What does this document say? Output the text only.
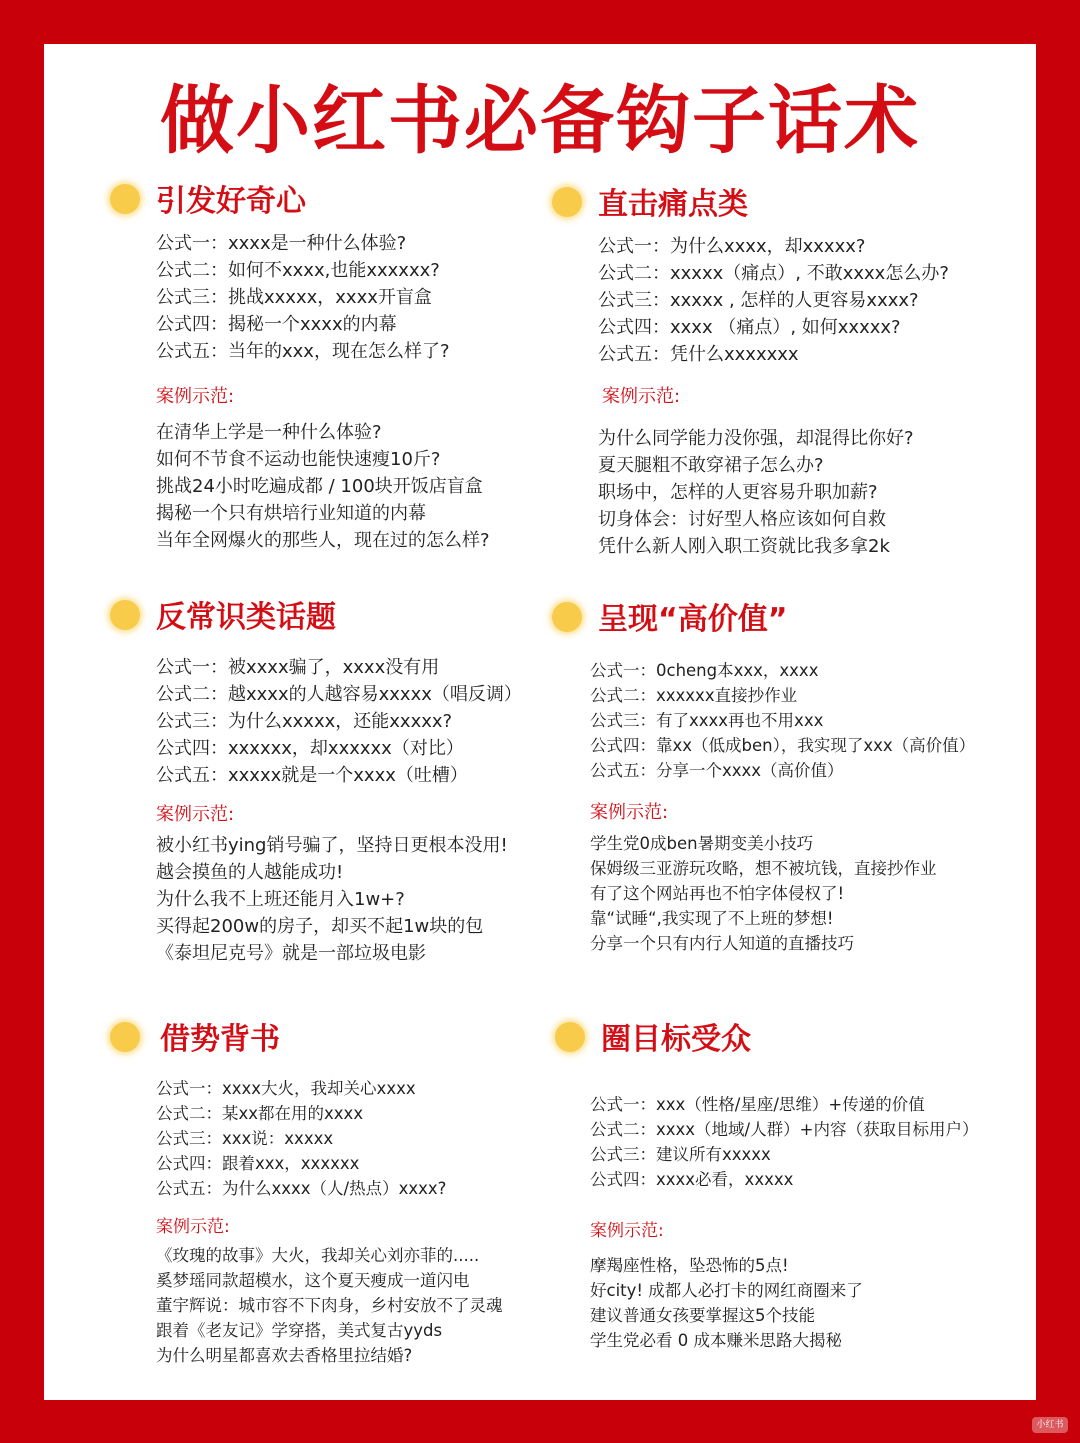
做小红书必备钩子话术
引发好奇心
公式一：xxxx是一种什么体验?
公式二：如何不xxxx,也能xxxxxx?
公式三：挑战xxxxx，xxxx开盲盒
公式四：揭秘一个xxxx的内幕
公式五：当年的xxx，现在怎么样了?
案例示范:
在清华上学是一种什么体验?
如何不节食不运动也能快速瘦10斤?
挑战24小时吃遍成都 / 100块开饭店盲盒
揭秘一个只有烘培行业知道的内幕
当年全网爆火的那些人，现在过的怎么样?
直击痛点类
公式一：为什么xxxx，却xxxxx?
公式二：xxxxx（痛点）, 不敢xxxx怎么办?
公式三：xxxxx , 怎样的人更容易xxxx?
公式四：xxxx （痛点）, 如何xxxxx?
公式五：凭什么xxxxxxx
案例示范:
为什么同学能力没你强，却混得比你好?
夏天腿粗不敢穿裙子怎么办?
职场中，怎样的人更容易升职加薪?
切身体会：讨好型人格应该如何自救
凭什么新人刚入职工资就比我多拿2k
反常识类话题
公式一：被xxxx骗了，xxxx没有用
公式二：越xxxx的人越容易xxxxx（唱反调）
公式三：为什么xxxxx，还能xxxxx?
公式四：xxxxxx，却xxxxxx（对比）
公式五：xxxxx就是一个xxxx（吐槽）
案例示范:
被小红书ying销号骗了，坚持日更根本没用!
越会摸鱼的人越能成功!
为什么我不上班还能月入1w+?
买得起200w的房子，却买不起1w块的包
《泰坦尼克号》就是一部垃圾电影
呈现“高价值”
公式一：0cheng本xxx，xxxx
公式二：xxxxxx直接抄作业
公式三：有了xxxx再也不用xxx
公式四：靠xx（低成ben），我实现了xxx（高价值）
公式五：分享一个xxxx（高价值）
案例示范:
学生党0成ben暑期变美小技巧
保姆级三亚游玩攻略，想不被坑钱，直接抄作业
有了这个网站再也不怕字体侵权了!
靠“试睡“,我实现了不上班的梦想!
分享一个只有内行人知道的直播技巧
借势背书
公式一：xxxx大火，我却关心xxxx
公式二：某xx都在用的xxxx
公式三：xxx说：xxxxx
公式四：跟着xxx，xxxxxx
公式五：为什么xxxx（人/热点）xxxx?
案例示范:
《玫瑰的故事》大火，我却关心刘亦菲的.....
奚梦瑶同款超模水，这个夏天瘦成一道闪电
董宇辉说：城市容不下肉身，乡村安放不了灵魂
跟着《老友记》学穿搭，美式复古yyds
为什么明星都喜欢去香格里拉结婚?
圈目标受众
公式一：xxx（性格/星座/思维）+传递的价值
公式二：xxxx（地域/人群）+内容（获取目标用户）
公式三：建议所有xxxxx
公式四：xxxx必看，xxxxx
案例示范:
摩羯座性格，坠恐怖的5点!
好city! 成都人必打卡的网红商圈来了
建议普通女孩要掌握这5个技能
学生党必看 0 成本赚米思路大揭秘
小红书
